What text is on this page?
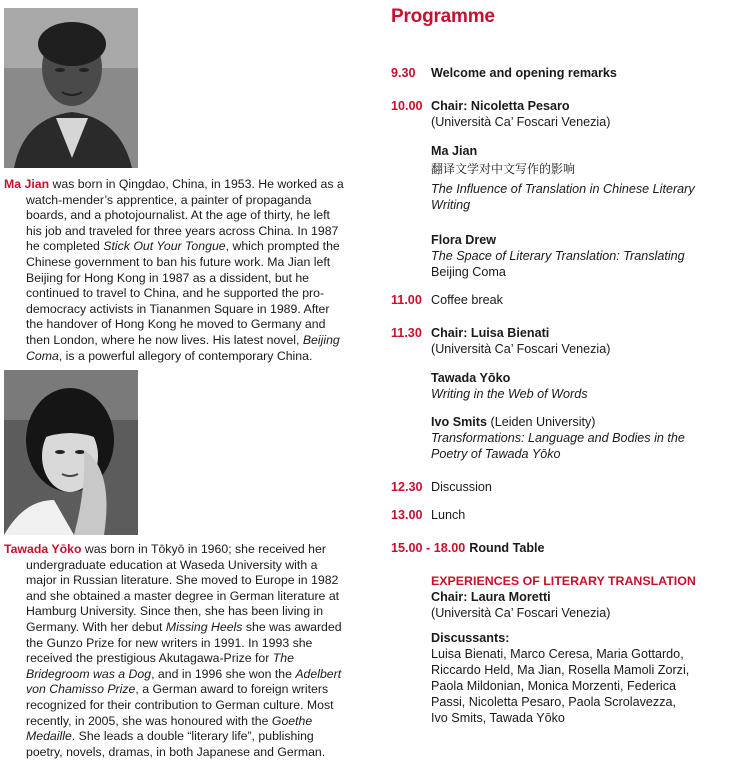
Ma Jian was born in Qingdao, China, in 1953. He worked as a watch-mender’s apprentice, a painter of propaganda boards, and a photojournalist. At the age of thirty, he left his job and traveled for three years across China. In 1987 he completed Stick Out Your Tongue, which prompted the Chinese government to ban his future work. Ma Jian left Beijing for Hong Kong in 1987 as a dissident, but he continued to travel to China, and he supported the pro-democracy activists in Tiananmen Square in 1989. After the handover of Hong Kong he moved to Germany and then London, where he now lives. His latest novel, Beijing Coma, is a powerful allegory of contemporary China.

Tawada Yōko was born in Tōkyō in 1960; she received her undergraduate education at Waseda University with a major in Russian literature. She moved to Europe in 1982 and she obtained a master degree in German literature at Hamburg University. Since then, she has been living in Germany. With her debut Missing Heels she was awarded the Gunzo Prize for new writers in 1991. In 1993 she received the prestigious Akutagawa-Prize for The Bridegroom was a Dog, and in 1996 she won the Adelbert von Chamisso Prize, a German award to foreign writers recognized for their contribution to German culture. Most recently, in 2005, she was honoured with the Goethe Medaille. She leads a double “literary life”, publishing poetry, novels, dramas, in both Japanese and German.

Programme
9.30 Welcome and opening remarks
10.00 Chair: Nicoletta Pesaro
(Università Ca’ Foscari Venezia)
Ma Jian
翻译文学对中文写作的影响
The Influence of Translation in Chinese Literary
Writing
Flora Drew
The Space of Literary Translation: Translating
Beijing Coma
11.00 Coffee break
11.30 Chair: Luisa Bienati
(Università Ca’ Foscari Venezia)
Tawada Yōko
Writing in the Web of Words
Ivo Smits (Leiden University)
Transformations: Language and Bodies in the
Poetry of Tawada Yōko
12.30 Discussion
13.00 Lunch
15.00 - 18.00 Round Table
EXPERIENCES OF LITERARY TRANSLATION
Chair: Laura Moretti
(Università Ca’ Foscari Venezia)
Discussants:
Luisa Bienati, Marco Ceresa, Maria Gottardo,
Riccardo Held, Ma Jian, Rosella Mamoli Zorzi,
Paola Mildonian, Monica Morzenti, Federica
Passi, Nicoletta Pesaro, Paola Scrolavezza,
Ivo Smits, Tawada Yōko
